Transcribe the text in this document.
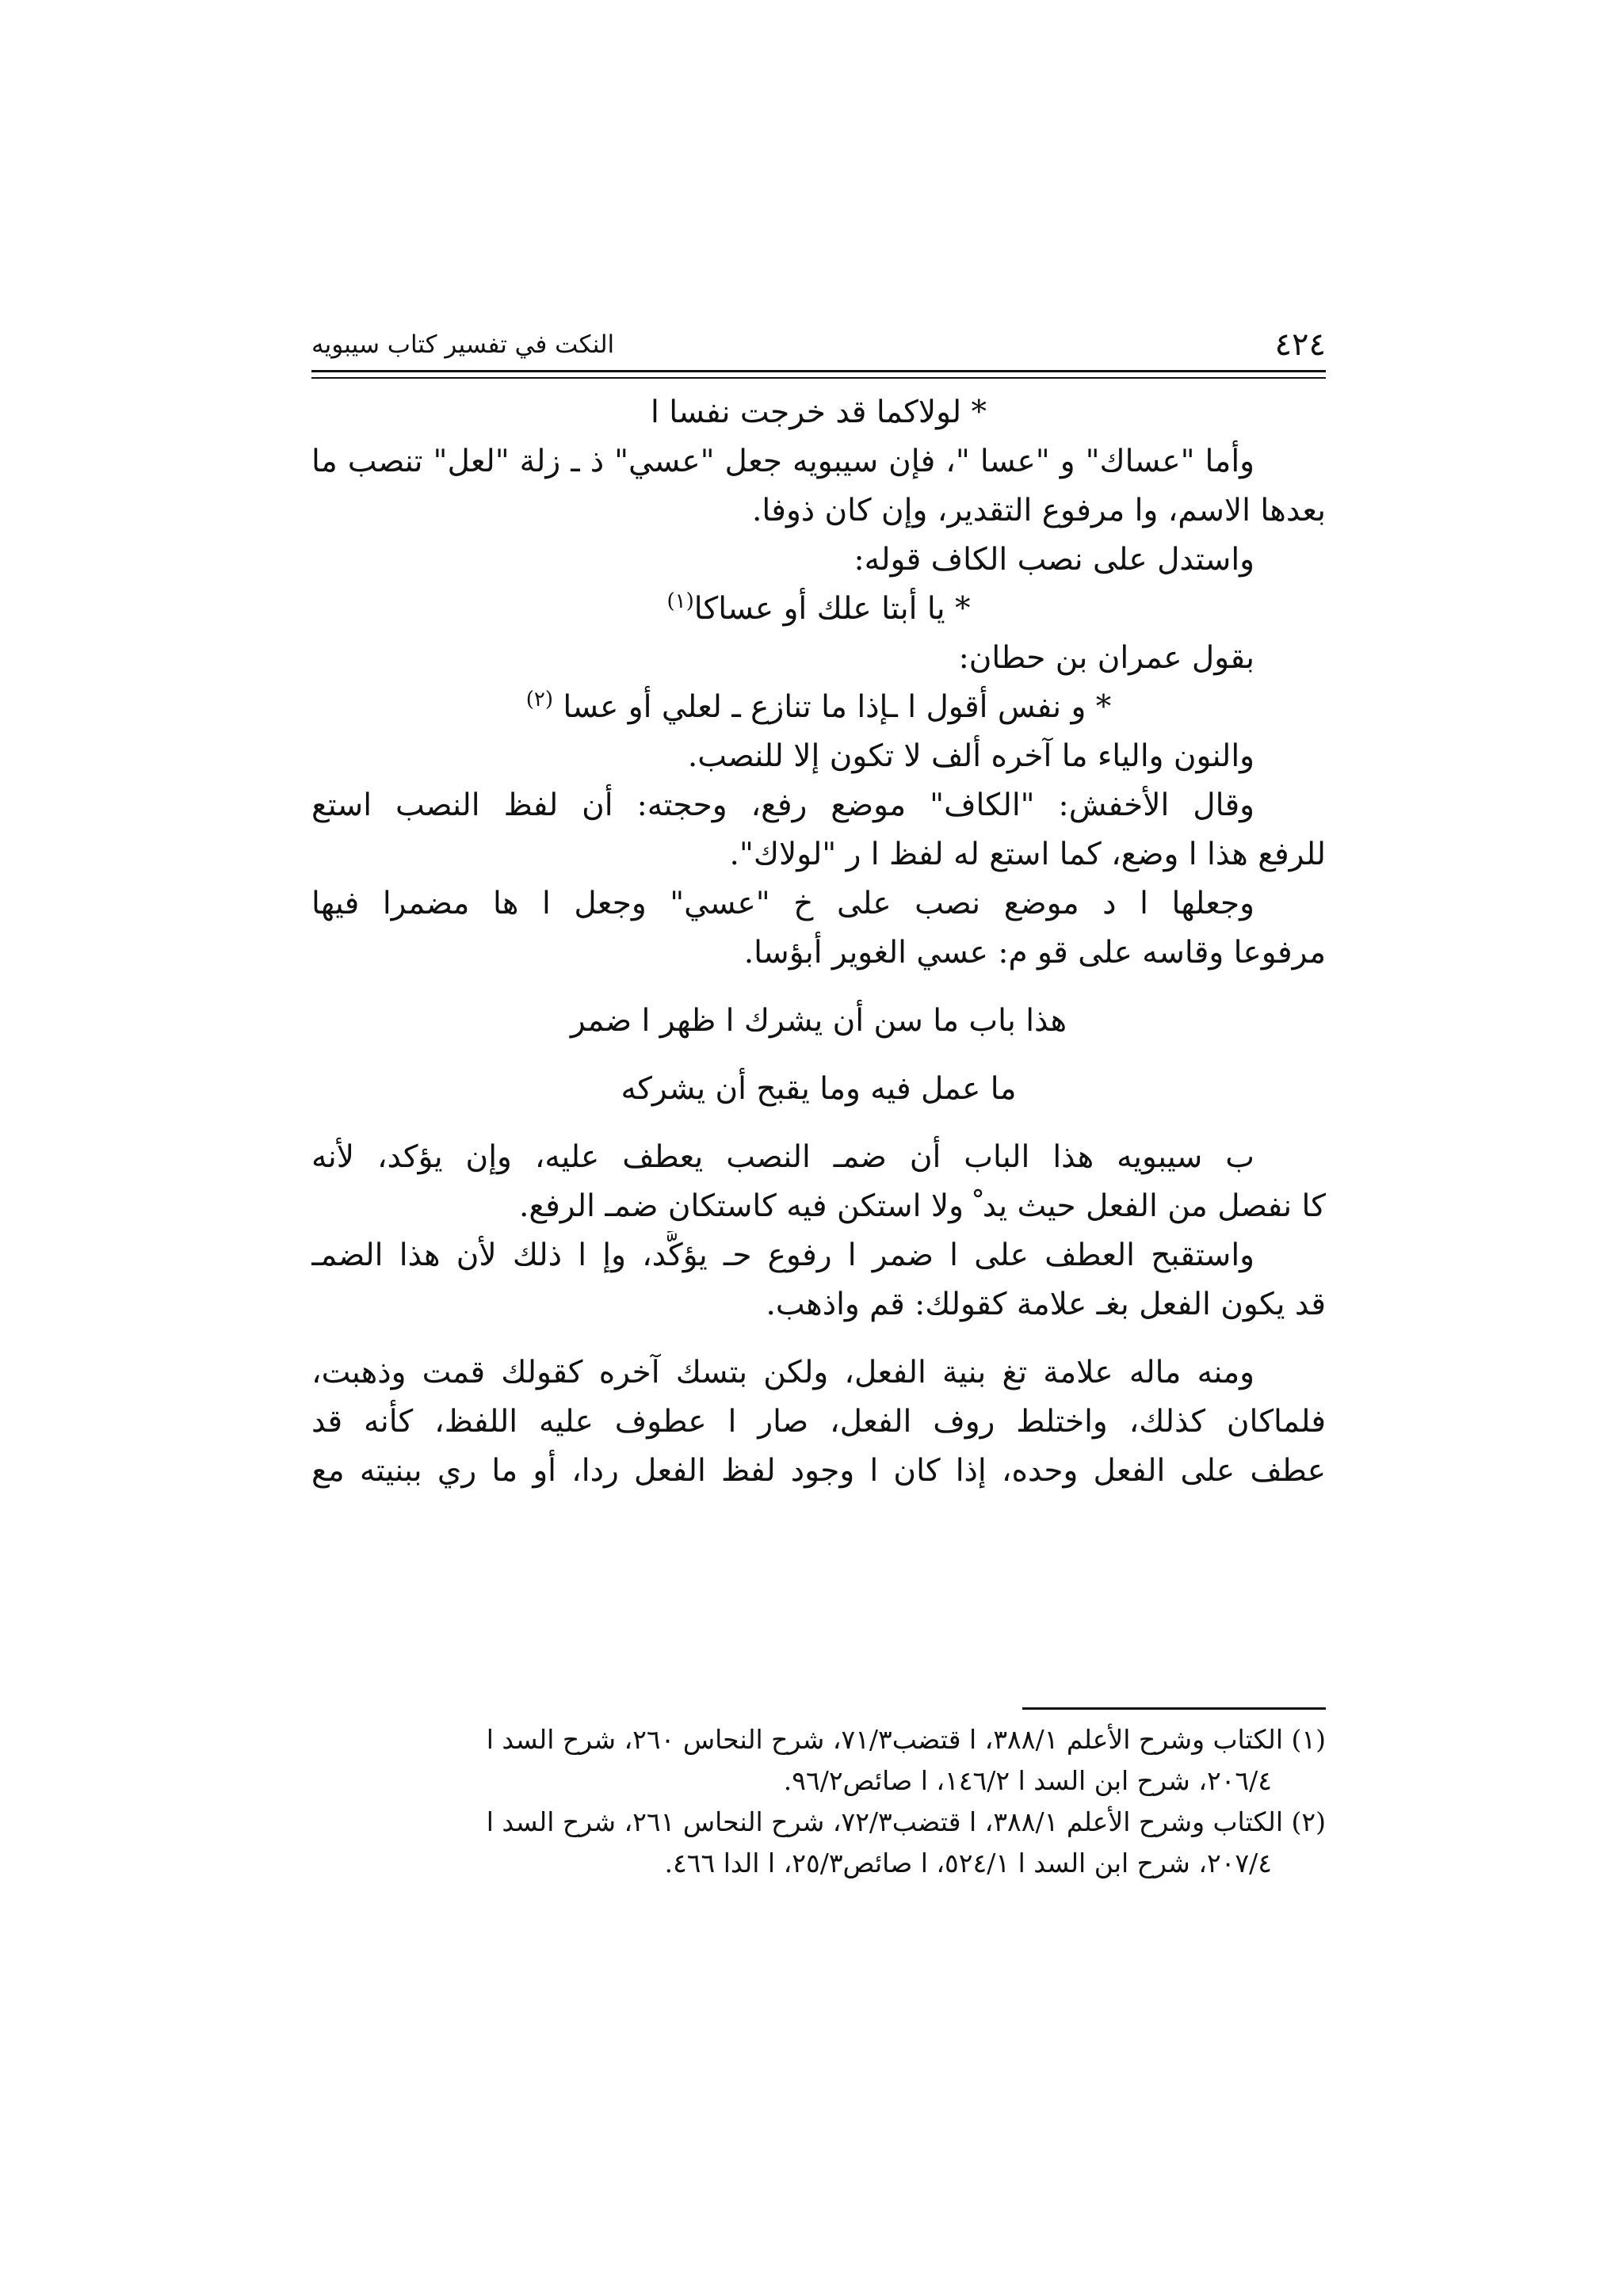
٤٢٤
النكت في تفسير كتاب سيبويه
* لولاكما قد خرجت نفسا ا
وأما "عساك" و "عسا "، فإن سيبويه جعل "عسي" ذ ـ زلة "لعل" تنصب ما
بعدها الاسم، وا مرفوع التقدير، وإن كان ذوفا.
واستدل على نصب الكاف قوله:
* يا أبتا علك أو عساكا$^{(١)}$
بقول عمران بن حطان:
* و نفس أقول ا ـإذا ما تنازع ـ لعلي أو عسا $^{(٢)}$
والنون والياء ما آخره ألف لا تكون إلا للنصب.
وقال الأخفش: "الكاف" موضع رفع، وحجته: أن لفظ النصب استع
للرفع هذا ا وضع، كما استع له لفظ ا ر "لولاك".
وجعلها ا د موضع نصب على خ "عسي" وجعل ا ها مضمرا فيها
مرفوعا وقاسه على قو م: عسي الغوير أبؤسا.
هذا باب ما سن أن يشرك ا ظهر ا ضمر
ما عمل فيه وما يقبح أن يشركه
ب سيبويه هذا الباب أن ضمـ النصب يعطف عليه، وإن يؤكد، لأنه
كا نفصل من الفعل حيث يد ْ ولا استكن فيه كاستكان ضمـ الرفع.
واستقبح العطف على ا ضمر ا رفوع حـ يؤكَّد، وإ ا ذلك لأن هذا الضمـ
قد يكون الفعل بغـ علامة كقولك: قم واذهب.
ومنه ماله علامة تغ بنية الفعل، ولكن بتسك آخره كقولك قمت وذهبت،
فلماكان كذلك، واختلط روف الفعل، صار ا عطوف عليه اللفظ، كأنه قد
عطف على الفعل وحده، إذا كان ا وجود لفظ الفعل ردا، أو ما ري ببنيته مع
(١) الكتاب وشرح الأعلم ٣٨٨/١، ا قتضب٧١/٣، شرح النحاس ٢٦٠، شرح السد ا
٢٠٦/٤، شرح ابن السد ا ١٤٦/٢، ا صائص٩٦/٢.
(٢) الكتاب وشرح الأعلم ٣٨٨/١، ا قتضب٧٢/٣، شرح النحاس ٢٦١، شرح السد ا
٢٠٧/٤، شرح ابن السد ا ٥٢٤/١، ا صائص٢٥/٣، ا الدا ٤٦٦.
